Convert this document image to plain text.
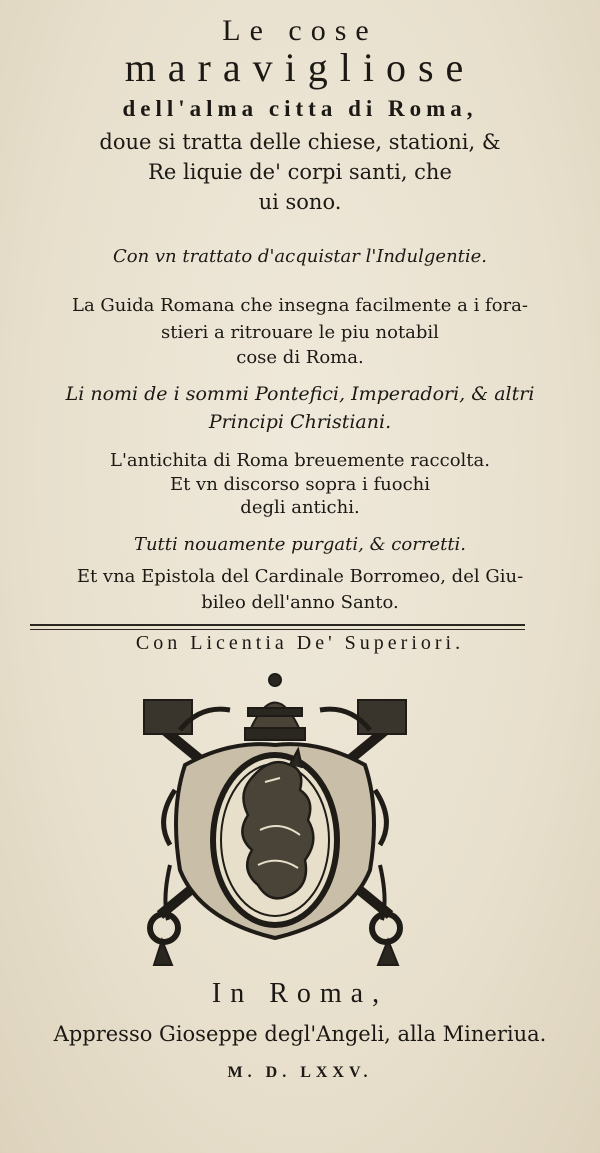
Le cose
maravigliose
dell'alma citta di Roma,
doue si tratta delle chiese, stationi, &
Re liquie de' corpi santi, che
ui sono.
Con vn trattato d'acquistar l'Indulgentie.
La Guida Romana che insegna facilmente a i fora-
stieri a ritrouare le piu notabil
cose di Roma.
Li nomi de i sommi Pontefici, Imperadori, & altri
Principi Christiani.
L'antichita di Roma breuemente raccolta.
Et vn discorso sopra i fuochi
degli antichi.
Tutti nouamente purgati, & corretti.
Et vna Epistola del Cardinale Borromeo, del Giu-
bileo dell'anno Santo.
Con Licentia De' Superiori.
In Roma,
Appresso Gioseppe degl'Angeli, alla Mineriua.
M. D. LXXV.
